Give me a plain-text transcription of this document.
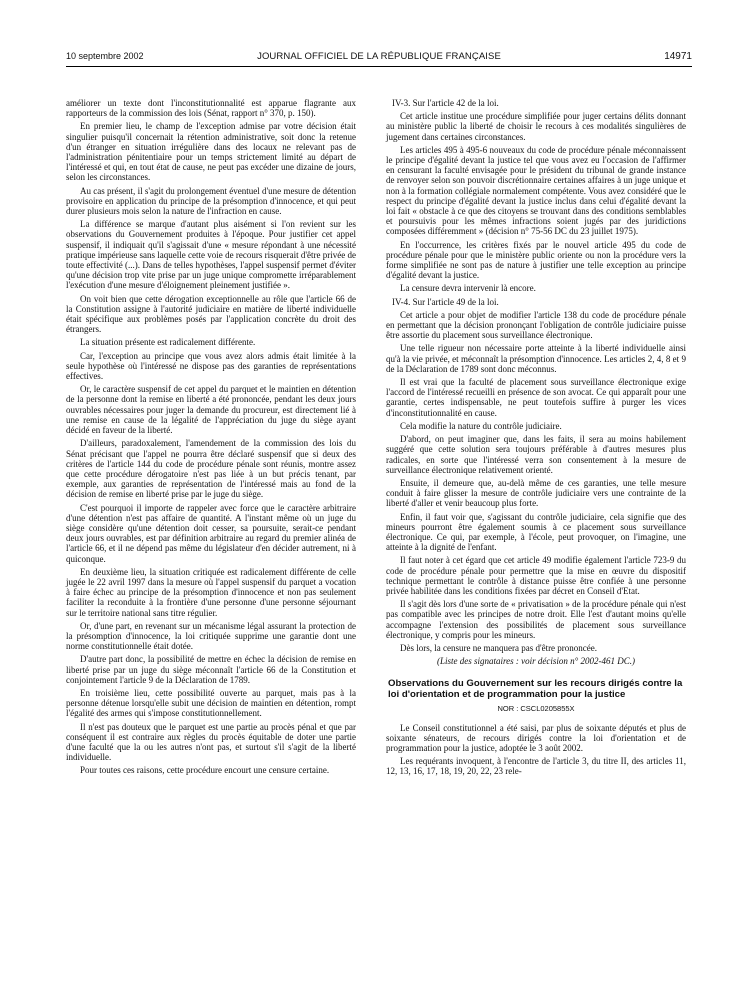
10 septembre 2002	JOURNAL OFFICIEL DE LA RÉPUBLIQUE FRANÇAISE	14971

améliorer un texte dont l'inconstitutionnalité est apparue flagrante aux rapporteurs de la commission des lois (Sénat, rapport n° 370, p. 150).

En premier lieu, le champ de l'exception admise par votre décision était singulier puisqu'il concernait la rétention administrative, soit donc la retenue d'un étranger en situation irrégulière dans des locaux ne relevant pas de l'administration pénitentiaire pour un temps strictement limité au départ de l'intéressé et qui, en tout état de cause, ne peut pas excéder une dizaine de jours, selon les circonstances.

Au cas présent, il s'agit du prolongement éventuel d'une mesure de détention provisoire en application du principe de la présomption d'innocence, et qui peut durer plusieurs mois selon la nature de l'infraction en cause.

La différence se marque d'autant plus aisément si l'on revient sur les observations du Gouvernement produites à l'époque. Pour justifier cet appel suspensif, il indiquait qu'il s'agissait d'une « mesure répondant à une nécessité pratique impérieuse sans laquelle cette voie de recours risquerait d'être privée de toute effectivité (...). Dans de telles hypothèses, l'appel suspensif permet d'éviter qu'une décision trop vite prise par un juge unique compromette irréparablement l'exécution d'une mesure d'éloignement pleinement justifiée ».

On voit bien que cette dérogation exceptionnelle au rôle que l'article 66 de la Constitution assigne à l'autorité judiciaire en matière de liberté individuelle était spécifique aux problèmes posés par l'application concrète du droit des étrangers.

La situation présente est radicalement différente.

Car, l'exception au principe que vous avez alors admis était limitée à la seule hypothèse où l'intéressé ne dispose pas des garanties de représentations effectives.

Or, le caractère suspensif de cet appel du parquet et le maintien en détention de la personne dont la remise en liberté a été prononcée, pendant les deux jours ouvrables nécessaires pour juger la demande du procureur, est directement lié à une remise en cause de la légalité de l'appréciation du juge du siège ayant décidé en faveur de la liberté.

D'ailleurs, paradoxalement, l'amendement de la commission des lois du Sénat précisant que l'appel ne pourra être déclaré suspensif que si deux des critères de l'article 144 du code de procédure pénale sont réunis, montre assez que cette procédure dérogatoire n'est pas liée à un but précis tenant, par exemple, aux garanties de représentation de l'intéressé mais au fond de la décision de remise en liberté prise par le juge du siège.

C'est pourquoi il importe de rappeler avec force que le caractère arbitraire d'une détention n'est pas affaire de quantité. A l'instant même où un juge du siège considère qu'une détention doit cesser, sa poursuite, serait-ce pendant deux jours ouvrables, est par définition arbitraire au regard du premier alinéa de l'article 66, et il ne dépend pas même du législateur d'en décider autrement, ni à quiconque.

En deuxième lieu, la situation critiquée est radicalement différente de celle jugée le 22 avril 1997 dans la mesure où l'appel suspensif du parquet a vocation à faire échec au principe de la présomption d'innocence et non pas seulement faciliter la reconduite à la frontière d'une personne d'une personne séjournant sur le territoire national sans titre régulier.

Or, d'une part, en revenant sur un mécanisme légal assurant la protection de la présomption d'innocence, la loi critiquée supprime une garantie dont une norme constitutionnelle était dotée.

D'autre part donc, la possibilité de mettre en échec la décision de remise en liberté prise par un juge du siège méconnaît l'article 66 de la Constitution et conjointement l'article 9 de la Déclaration de 1789.

En troisième lieu, cette possibilité ouverte au parquet, mais pas à la personne détenue lorsqu'elle subit une décision de maintien en détention, rompt l'égalité des armes qui s'impose constitutionnellement.

Il n'est pas douteux que le parquet est une partie au procès pénal et que par conséquent il est contraire aux règles du procès équitable de doter une partie d'une faculté que la ou les autres n'ont pas, et surtout s'il s'agit de la liberté individuelle.

Pour toutes ces raisons, cette procédure encourt une censure certaine.

IV-3. Sur l'article 42 de la loi.

Cet article institue une procédure simplifiée pour juger certains délits donnant au ministère public la liberté de choisir le recours à ces modalités singulières de jugement dans certaines circonstances.

Les articles 495 à 495-6 nouveaux du code de procédure pénale méconnaissent le principe d'égalité devant la justice tel que vous avez eu l'occasion de l'affirmer en censurant la faculté envisagée pour le président du tribunal de grande instance de renvoyer selon son pouvoir discrétionnaire certaines affaires à un juge unique et non à la formation collégiale normalement compétente. Vous avez considéré que le respect du principe d'égalité devant la justice inclus dans celui d'égalité devant la loi fait « obstacle à ce que des citoyens se trouvant dans des conditions semblables et poursuivis pour les mêmes infractions soient jugés par des juridictions composées différemment » (décision n° 75-56 DC du 23 juillet 1975).

En l'occurrence, les critères fixés par le nouvel article 495 du code de procédure pénale pour que le ministère public oriente ou non la procédure vers la forme simplifiée ne sont pas de nature à justifier une telle exception au principe d'égalité devant la justice.

La censure devra intervenir là encore.

IV-4. Sur l'article 49 de la loi.

Cet article a pour objet de modifier l'article 138 du code de procédure pénale en permettant que la décision prononçant l'obligation de contrôle judiciaire puisse être assortie du placement sous surveillance électronique.

Une telle rigueur non nécessaire porte atteinte à la liberté individuelle ainsi qu'à la vie privée, et méconnaît la présomption d'innocence. Les articles 2, 4, 8 et 9 de la Déclaration de 1789 sont donc méconnus.

Il est vrai que la faculté de placement sous surveillance électronique exige l'accord de l'intéressé recueilli en présence de son avocat. Ce qui apparaît pour une garantie, certes indispensable, ne peut toutefois suffire à purger les vices d'inconstitutionnalité en cause.

Cela modifie la nature du contrôle judiciaire.

D'abord, on peut imaginer que, dans les faits, il sera au moins habilement suggéré que cette solution sera toujours préférable à d'autres mesures plus radicales, en sorte que l'intéressé verra son consentement à la mesure de surveillance électronique relativement orienté.

Ensuite, il demeure que, au-delà même de ces garanties, une telle mesure conduit à faire glisser la mesure de contrôle judiciaire vers une contrainte de la liberté d'aller et venir beaucoup plus forte.

Enfin, il faut voir que, s'agissant du contrôle judiciaire, cela signifie que des mineurs pourront être également soumis à ce placement sous surveillance électronique. Ce qui, par exemple, à l'école, peut provoquer, on l'imagine, une atteinte à la dignité de l'enfant.

Il faut noter à cet égard que cet article 49 modifie également l'article 723-9 du code de procédure pénale pour permettre que la mise en œuvre du dispositif technique permettant le contrôle à distance puisse être confiée à une personne privée habilitée dans les conditions fixées par décret en Conseil d'Etat.

Il s'agit dès lors d'une sorte de « privatisation » de la procédure pénale qui n'est pas compatible avec les principes de notre droit. Elle l'est d'autant moins qu'elle accompagne l'extension des possibilités de placement sous surveillance électronique, y compris pour les mineurs.

Dès lors, la censure ne manquera pas d'être prononcée.

(Liste des signataires : voir décision n° 2002-461 DC.)

Observations du Gouvernement sur les recours dirigés contre la loi d'orientation et de programmation pour la justice
NOR : CSCL0205855X

Le Conseil constitutionnel a été saisi, par plus de soixante députés et plus de soixante sénateurs, de recours dirigés contre la loi d'orientation et de programmation pour la justice, adoptée le 3 août 2002.

Les requérants invoquent, à l'encontre de l'article 3, du titre II, des articles 11, 12, 13, 16, 17, 18, 19, 20, 22, 23 rele-
